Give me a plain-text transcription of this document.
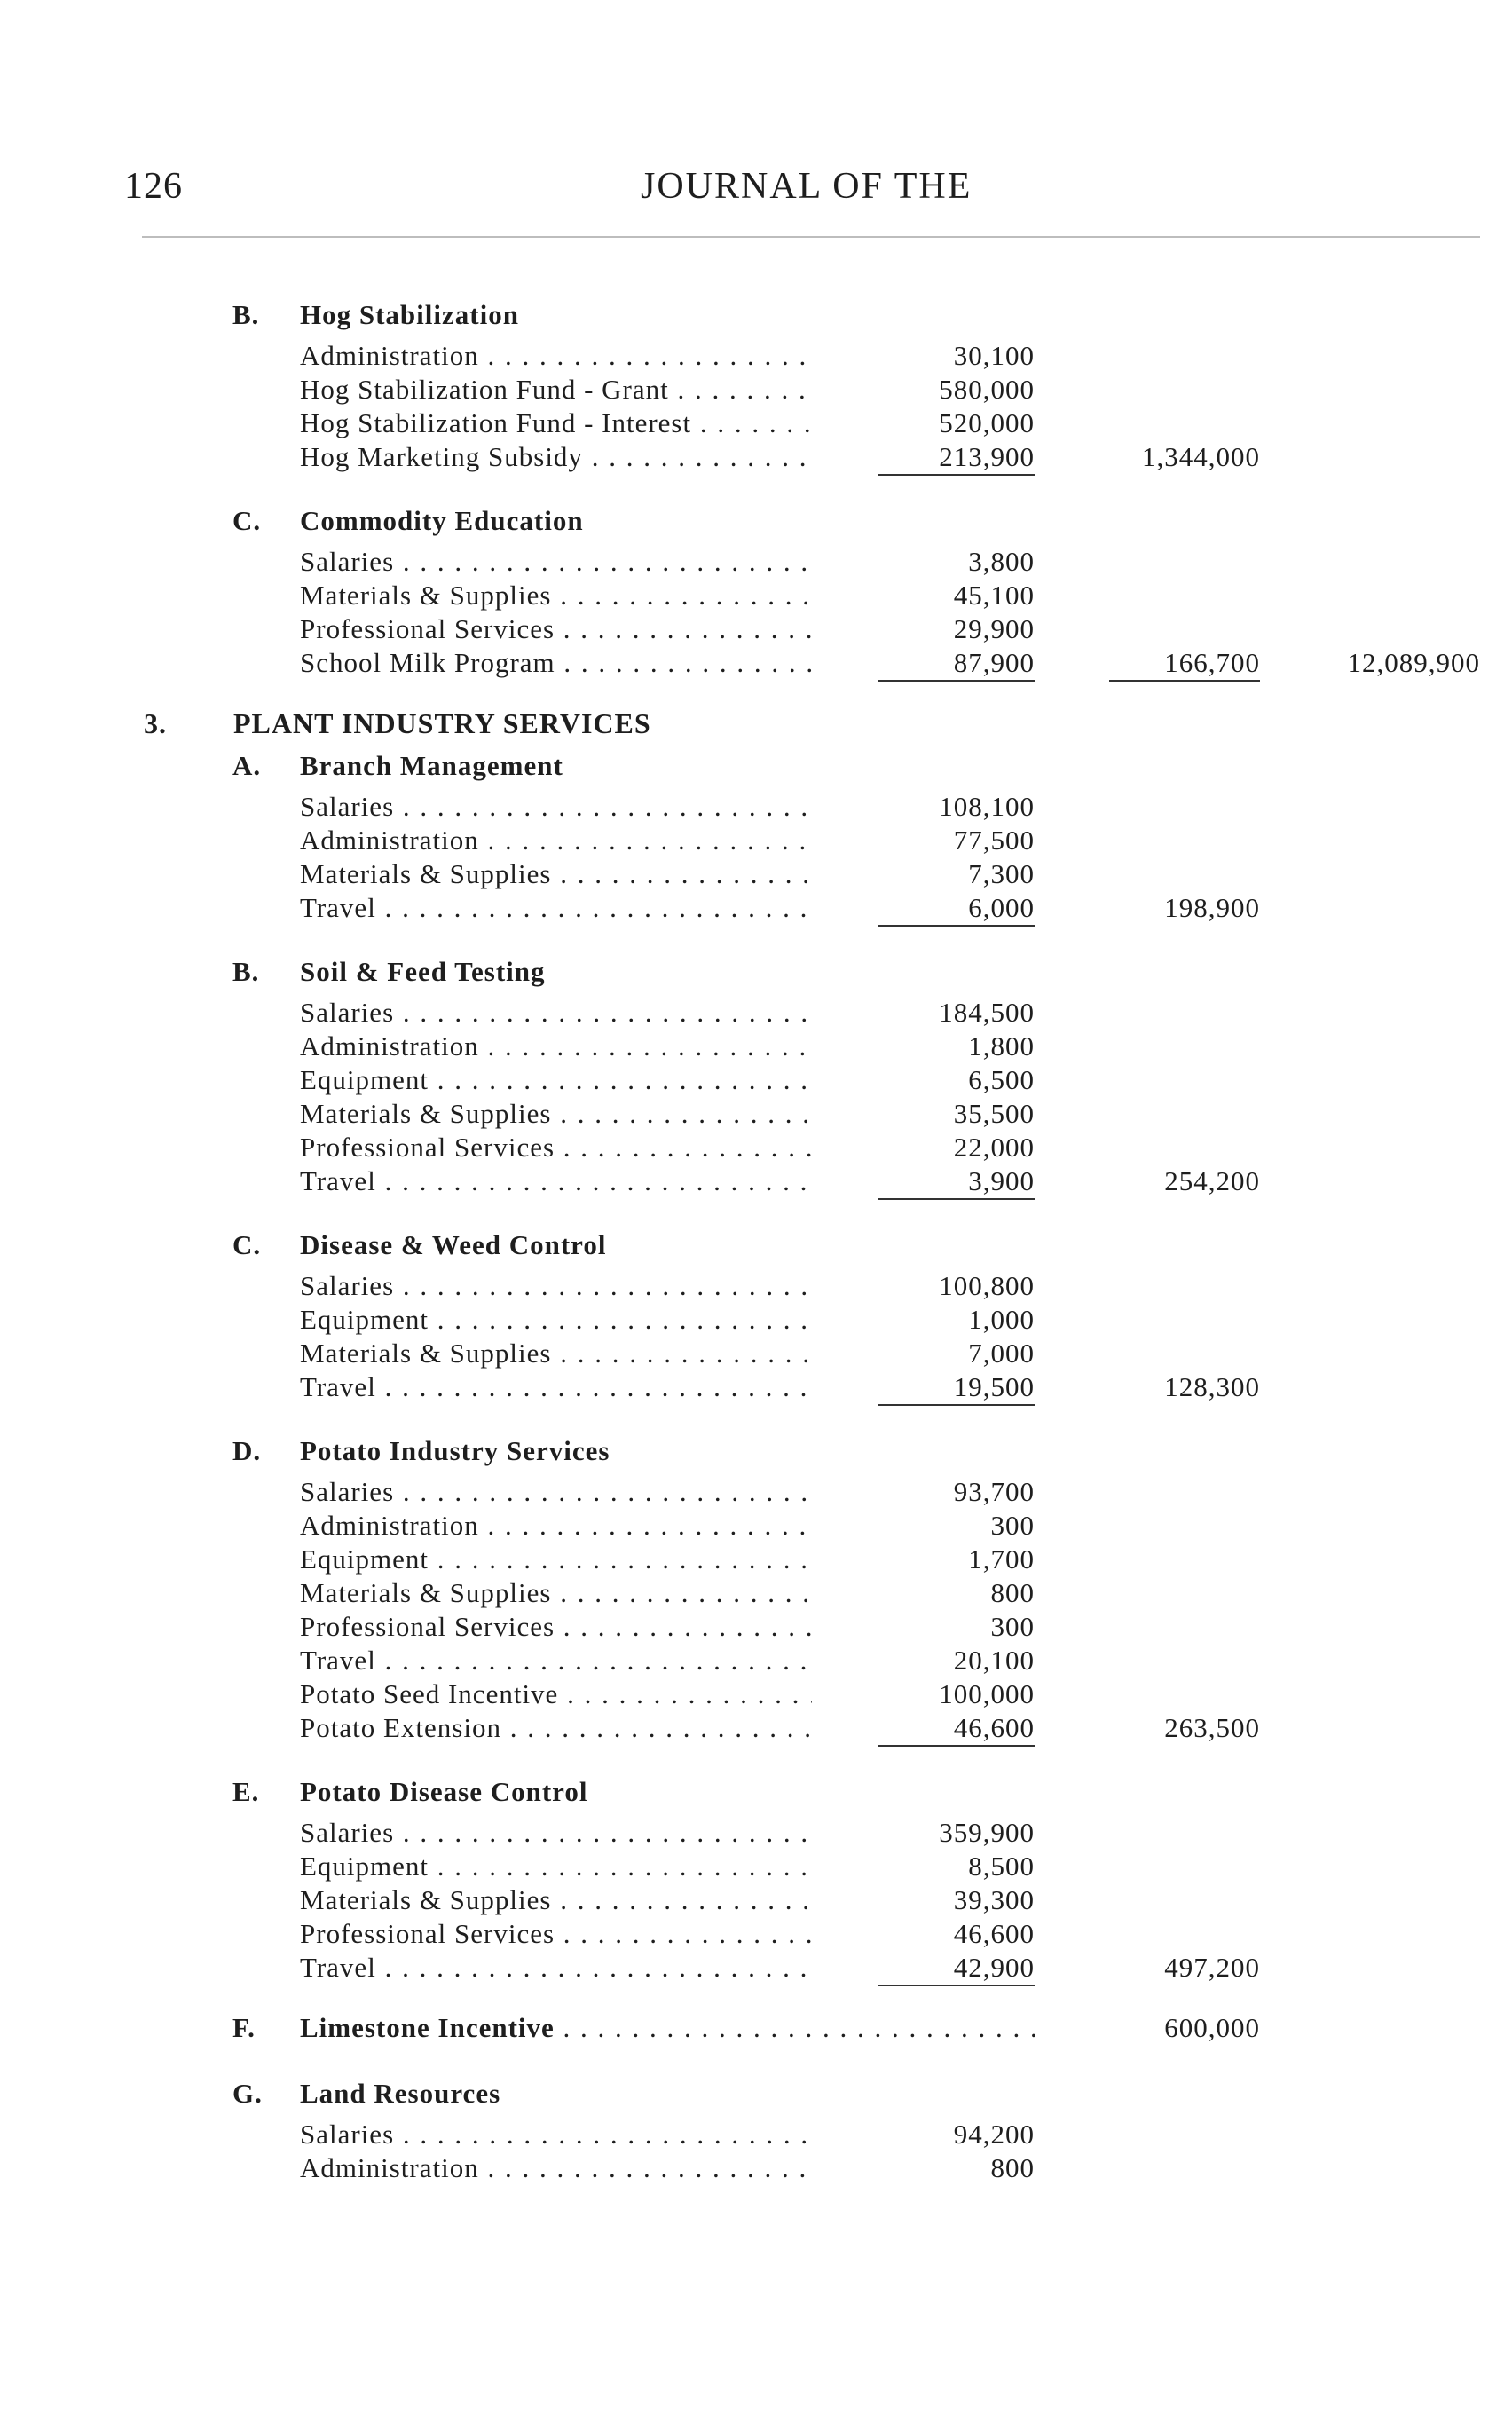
126	JOURNAL OF THE
B. Hog Stabilization
Administration . . .	30,100
Hog Stabilization Fund - Grant . . .	580,000
Hog Stabilization Fund - Interest . . .	520,000
Hog Marketing Subsidy . . .	213,900	1,344,000
C. Commodity Education
Salaries . . .	3,800
Materials & Supplies . . .	45,100
Professional Services . . .	29,900
School Milk Program . . .	87,900	166,700	12,089,900
3. PLANT INDUSTRY SERVICES
A. Branch Management
Salaries . . .	108,100
Administration . . .	77,500
Materials & Supplies . . .	7,300
Travel . . .	6,000	198,900
B. Soil & Feed Testing
Salaries . . .	184,500
Administration . . .	1,800
Equipment . . .	6,500
Materials & Supplies . . .	35,500
Professional Services . . .	22,000
Travel . . .	3,900	254,200
C. Disease & Weed Control
Salaries . . .	100,800
Equipment . . .	1,000
Materials & Supplies . . .	7,000
Travel . . .	19,500	128,300
D. Potato Industry Services
Salaries . . .	93,700
Administration . . .	300
Equipment . . .	1,700
Materials & Supplies . . .	800
Professional Services . . .	300
Travel . . .	20,100
Potato Seed Incentive . . .	100,000
Potato Extension . . .	46,600	263,500
E. Potato Disease Control
Salaries . . .	359,900
Equipment . . .	8,500
Materials & Supplies . . .	39,300
Professional Services . . .	46,600
Travel . . .	42,900	497,200
F. Limestone Incentive . . .	600,000
G. Land Resources
Salaries . . .	94,200
Administration . . .	800
